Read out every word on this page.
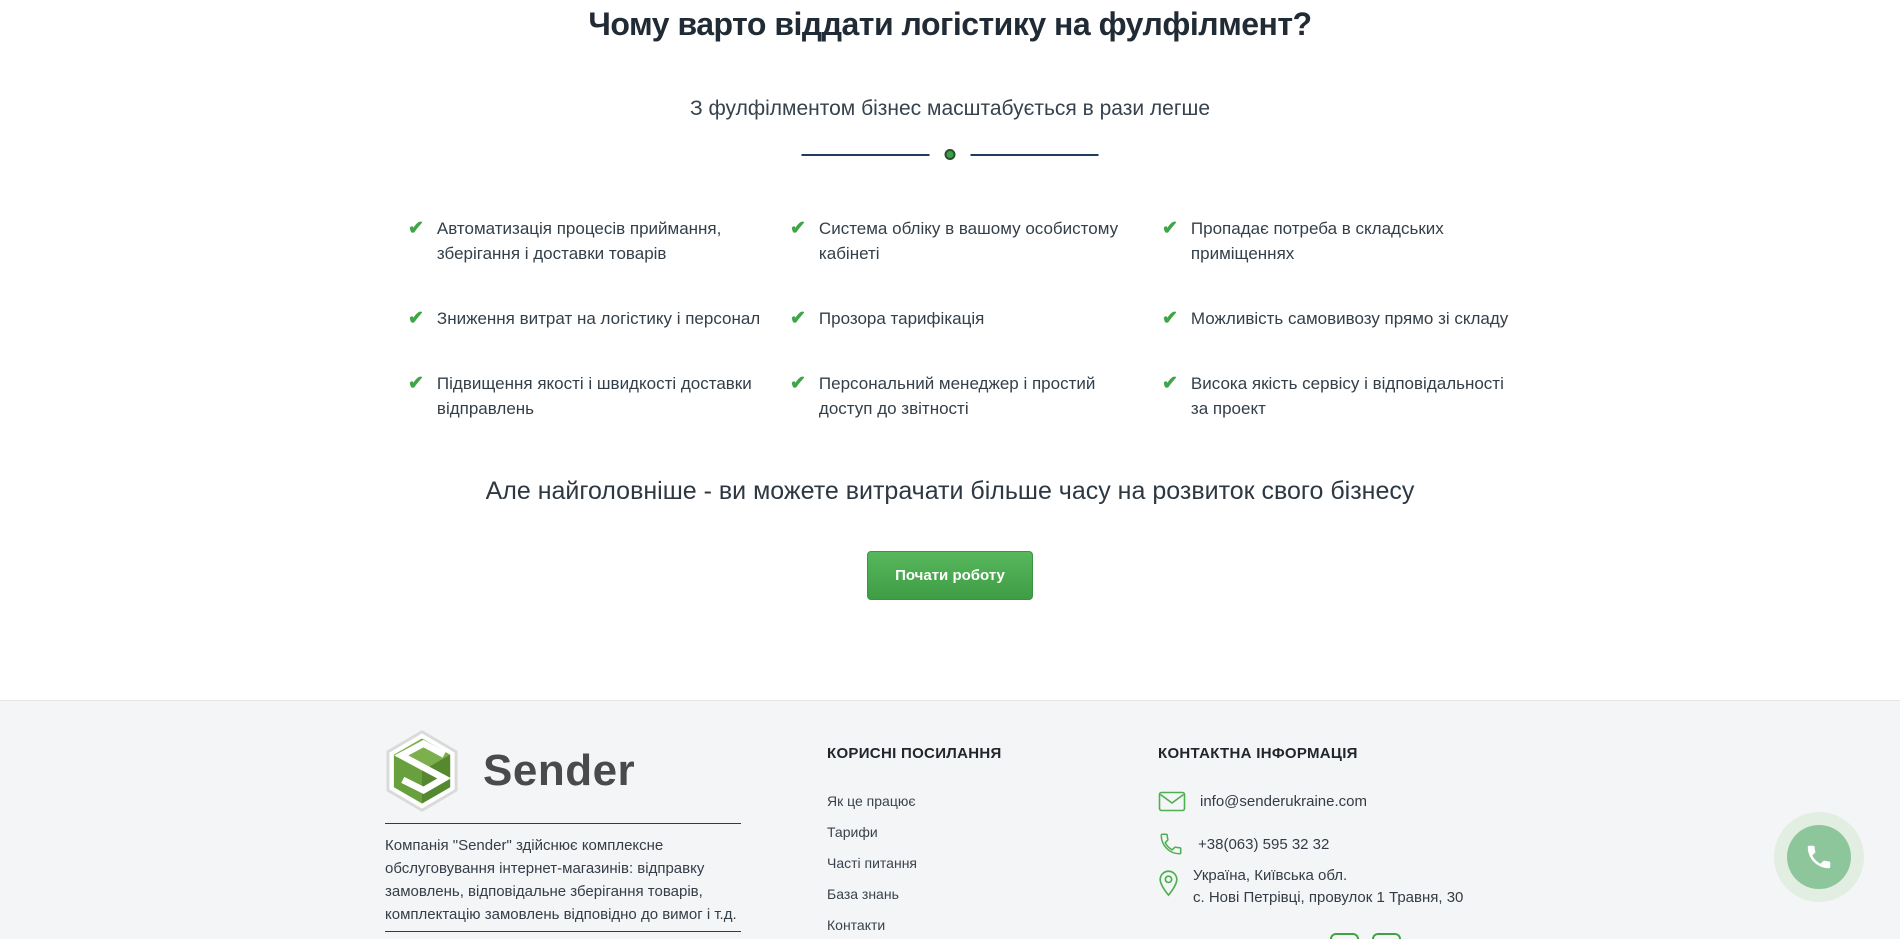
Чому варто віддати логістику на фулфілмент?
З фулфілментом бізнес масштабується в рази легше
✔ Автоматизація процесів приймання, зберігання і доставки товарів
✔ Система обліку в вашому особистому кабінеті
✔ Пропадає потреба в складських приміщеннях
✔ Зниження витрат на логістику і персонал ✔ Прозора тарифікація	✔ Можливість самовивозу прямо зі складу
✔ Підвищення якості і швидкості доставки відправлень
✔ Персональний менеджер і простий доступ до звітності
✔ Висока якість сервісу і відповідальності за проект
Але найголовніше - ви можете витрачати більше часу на розвиток свого бізнесу
Почати роботу
Sender

Компанія "Sender" здійснює комплексне обслуговування інтернет-магазинів: відправку замовлень, відповідальне зберігання товарів, комплектацію замовлень відповідно до вимог і т.д.

КОРИСНІ ПОСИЛАННЯ
Як це працює
Тарифи
Часті питання
База знань
Контакти
КОНТАКТНА ІНФОРМАЦІЯ
info@senderukraine.com
+38(063) 595 32 32
Україна, Київська обл.
с. Нові Петрівці, провулок 1 Травня, 30
